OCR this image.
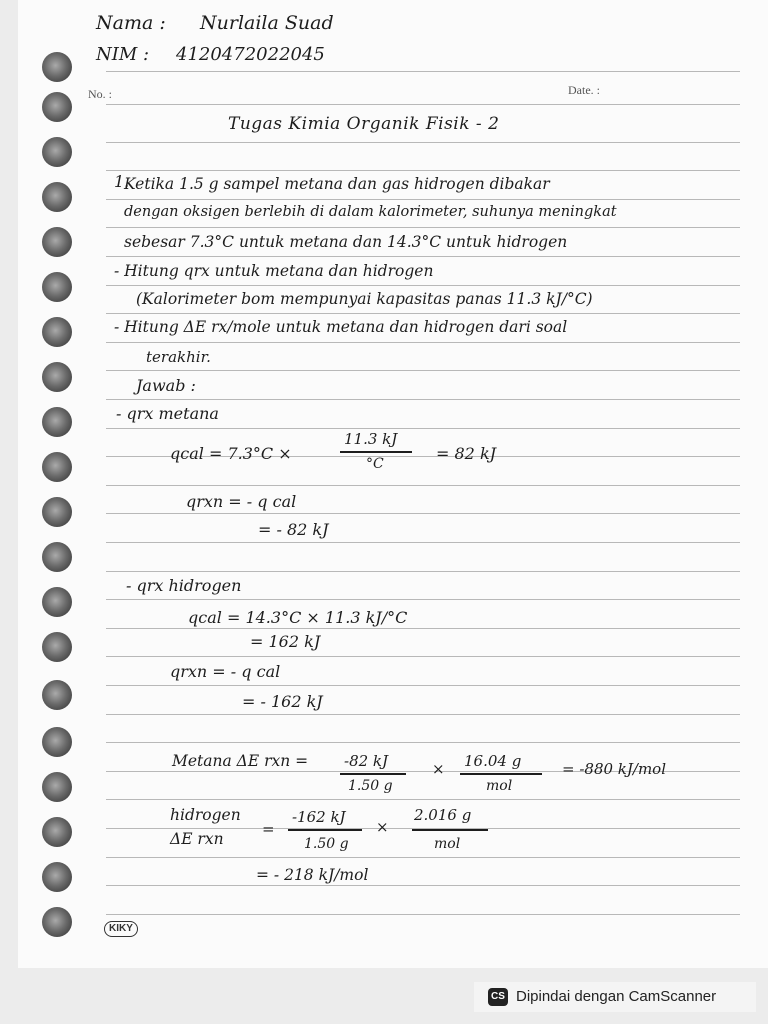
No. :	Date. :
KIKY
Nama : Nurlaila Suad
NIM : 4120472022045
Tugas Kimia Organik Fisik - 2
1.
Ketika 1.5 g sampel metana dan gas hidrogen dibakar
dengan oksigen berlebih di dalam kalorimeter, suhunya meningkat
sebesar 7.3°C untuk metana dan 14.3°C untuk hidrogen
- Hitung qrx untuk metana dan hidrogen
(Kalorimeter bom mempunyai kapasitas panas 11.3 kJ/°C)
- Hitung ΔE rx/mole untuk metana dan hidrogen dari soal
terakhir.
Jawab :
- qrx metana
qcal = 7.3°C ×
11.3 kJ
°C
= 82 kJ
qrxn = - q cal
= - 82 kJ
- qrx hidrogen
qcal = 14.3°C × 11.3 kJ/°C
= 162 kJ
qrxn = - q cal
= - 162 kJ
Metana ΔE rxn = -82 kJ
1.50 g
× 16.04 g
mol
= -880 kJ/mol
hidrogen
ΔE rxn
=
-162 kJ
1.50 g
×
2.016 g
mol
= - 218 kJ/mol
CS Dipindai dengan CamScanner
